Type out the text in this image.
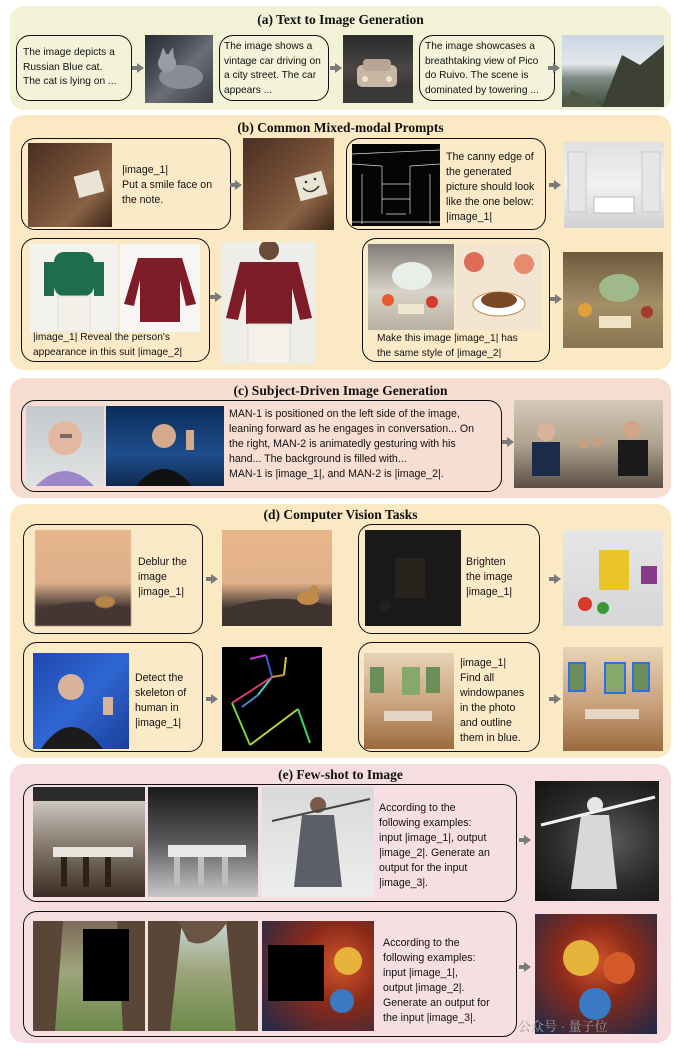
(a) Text to Image Generation
The image depicts a
Russian Blue cat.
The cat is lying on ...
The image shows a
vintage car driving on
a city street. The car
appears ...
The image showcases a
breathtaking view of Pico
do Ruivo. The scene is
dominated by towering ...
(b) Common Mixed-modal Prompts
|image_1|
Put a smile face on
the note.
The canny edge of
the generated
picture should look
like the one below:
|image_1|
|image_1| Reveal the person's
appearance in this suit |image_2|
Make this image |image_1| has
the same style of |image_2|
(c) Subject-Driven Image Generation
MAN-1 is positioned on the left side of the image,
leaning forward as he engages in conversation... On
the right, MAN-2 is animatedly gesturing with his
hand... The background is filled with...
MAN-1 is |image_1|, and MAN-2 is |image_2|.
(d) Computer Vision Tasks
Deblur the
image
|image_1|
Brighten
the image
|image_1|
Detect the
skeleton of
human in
|image_1|
|image_1|
Find all
windowpanes
in the photo
and outline
them in blue.
(e) Few-shot to Image
According to the
following examples:
input |image_1|, output
|image_2|. Generate an
output for the input
|image_3|.
According to the
following examples:
input |image_1|,
output |image_2|.
Generate an output for
the input |image_3|.
公众号 · 量子位
